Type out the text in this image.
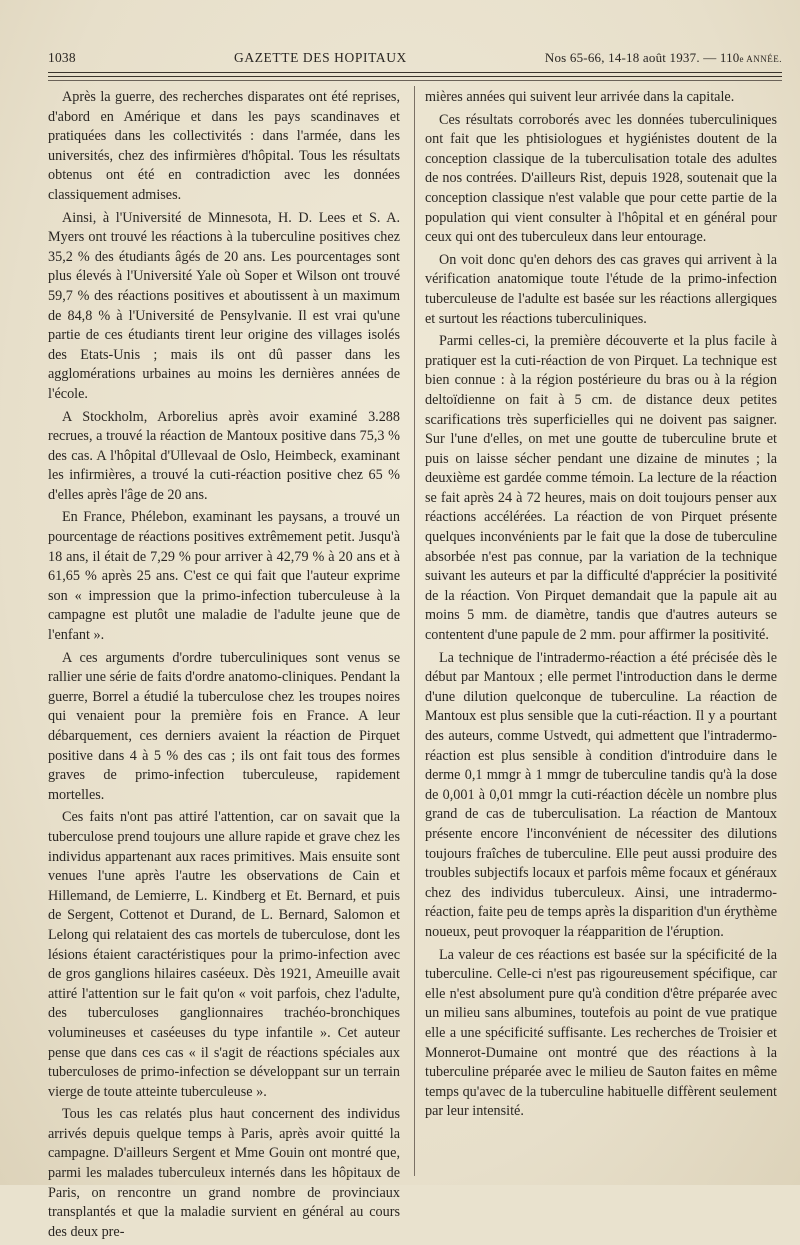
1038	GAZETTE DES HOPITAUX	Nos 65-66, 14-18 août 1937. — 110e ANNÉE.

Après la guerre, des recherches disparates ont été reprises, d'abord en Amérique et dans les pays scandinaves et pratiquées dans les collectivités : dans l'armée, dans les universités, chez des infirmières d'hôpital. Tous les résultats obtenus ont été en contradiction avec les données classiquement admises.

Ainsi, à l'Université de Minnesota, H. D. Lees et S. A. Myers ont trouvé les réactions à la tuberculine positives chez 35,2 % des étudiants âgés de 20 ans. Les pourcentages sont plus élevés à l'Université Yale où Soper et Wilson ont trouvé 59,7 % des réactions positives et aboutissent à un maximum de 84,8 % à l'Université de Pensylvanie. Il est vrai qu'une partie de ces étudiants tirent leur origine des villages isolés des Etats-Unis ; mais ils ont dû passer dans les agglomérations urbaines au moins les dernières années de l'école.

A Stockholm, Arborelius après avoir examiné 3.288 recrues, a trouvé la réaction de Mantoux positive dans 75,3 % des cas. A l'hôpital d'Ullevaal de Oslo, Heimbeck, examinant les infirmières, a trouvé la cuti-réaction positive chez 65 % d'elles après l'âge de 20 ans.

En France, Phélebon, examinant les paysans, a trouvé un pourcentage de réactions positives extrêmement petit. Jusqu'à 18 ans, il était de 7,29 % pour arriver à 42,79 % à 20 ans et à 61,65 % après 25 ans. C'est ce qui fait que l'auteur exprime son « impression que la primo-infection tuberculeuse à la campagne est plutôt une maladie de l'adulte jeune que de l'enfant ».

A ces arguments d'ordre tuberculiniques sont venus se rallier une série de faits d'ordre anatomo-cliniques. Pendant la guerre, Borrel a étudié la tuberculose chez les troupes noires qui venaient pour la première fois en France. A leur débarquement, ces derniers avaient la réaction de Pirquet positive dans 4 à 5 % des cas ; ils ont fait tous des formes graves de primo-infection tuberculeuse, rapidement mortelles.

Ces faits n'ont pas attiré l'attention, car on savait que la tuberculose prend toujours une allure rapide et grave chez les individus appartenant aux races primitives. Mais ensuite sont venues l'une après l'autre les observations de Cain et Hillemand, de Lemierre, L. Kindberg et Et. Bernard, et puis de Sergent, Cottenot et Durand, de L. Bernard, Salomon et Lelong qui relataient des cas mortels de tuberculose, dont les lésions étaient caractéristiques pour la primo-infection avec de gros ganglions hilaires caséeux. Dès 1921, Ameuille avait attiré l'attention sur le fait qu'on « voit parfois, chez l'adulte, des tuberculoses ganglionnaires trachéo-bronchiques volumineuses et caséeuses du type infantile ». Cet auteur pense que dans ces cas « il s'agit de réactions spéciales aux tuberculoses de primo-infection se développant sur un terrain vierge de toute atteinte tuberculeuse ».

Tous les cas relatés plus haut concernent des individus arrivés depuis quelque temps à Paris, après avoir quitté la campagne. D'ailleurs Sergent et Mme Gouin ont montré que, parmi les malades tuberculeux internés dans les hôpitaux de Paris, on rencontre un grand nombre de provinciaux transplantés et que la maladie survient en général au cours des deux pre-

mières années qui suivent leur arrivée dans la capitale.

Ces résultats corroborés avec les données tuberculiniques ont fait que les phtisiologues et hygiénistes doutent de la conception classique de la tuberculisation totale des adultes de nos contrées. D'ailleurs Rist, depuis 1928, soutenait que la conception classique n'est valable que pour cette partie de la population qui vient consulter à l'hôpital et en général pour ceux qui ont des tuberculeux dans leur entourage.

On voit donc qu'en dehors des cas graves qui arrivent à la vérification anatomique toute l'étude de la primo-infection tuberculeuse de l'adulte est basée sur les réactions allergiques et surtout les réactions tuberculiniques.

Parmi celles-ci, la première découverte et la plus facile à pratiquer est la cuti-réaction de von Pirquet. La technique est bien connue : à la région postérieure du bras ou à la région deltoïdienne on fait à 5 cm. de distance deux petites scarifications très superficielles qui ne doivent pas saigner. Sur l'une d'elles, on met une goutte de tuberculine brute et puis on laisse sécher pendant une dizaine de minutes ; la deuxième est gardée comme témoin. La lecture de la réaction se fait après 24 à 72 heures, mais on doit toujours penser aux réactions accélérées. La réaction de von Pirquet présente quelques inconvénients par le fait que la dose de tuberculine absorbée n'est pas connue, par la variation de la technique suivant les auteurs et par la difficulté d'apprécier la positivité de la réaction. Von Pirquet demandait que la papule ait au moins 5 mm. de diamètre, tandis que d'autres auteurs se contentent d'une papule de 2 mm. pour affirmer la positivité.

La technique de l'intradermo-réaction a été précisée dès le début par Mantoux ; elle permet l'introduction dans le derme d'une dilution quelconque de tuberculine. La réaction de Mantoux est plus sensible que la cuti-réaction. Il y a pourtant des auteurs, comme Ustvedt, qui admettent que l'intradermo-réaction est plus sensible à condition d'introduire dans le derme 0,1 mmgr à 1 mmgr de tuberculine tandis qu'à la dose de 0,001 à 0,01 mmgr la cuti-réaction décèle un nombre plus grand de cas de tuberculisation. La réaction de Mantoux présente encore l'inconvénient de nécessiter des dilutions toujours fraîches de tuberculine. Elle peut aussi produire des troubles subjectifs locaux et parfois même focaux et généraux chez des individus tuberculeux. Ainsi, une intradermo-réaction, faite peu de temps après la disparition d'un érythème noueux, peut provoquer la réapparition de l'éruption.

La valeur de ces réactions est basée sur la spécificité de la tuberculine. Celle-ci n'est pas rigoureusement spécifique, car elle n'est absolument pure qu'à condition d'être préparée avec un milieu sans albumines, toutefois au point de vue pratique elle a une spécificité suffisante. Les recherches de Troisier et Monnerot-Dumaine ont montré que des réactions à la tuberculine préparée avec le milieu de Sauton faites en même temps qu'avec de la tuberculine habituelle diffèrent seulement par leur intensité.
